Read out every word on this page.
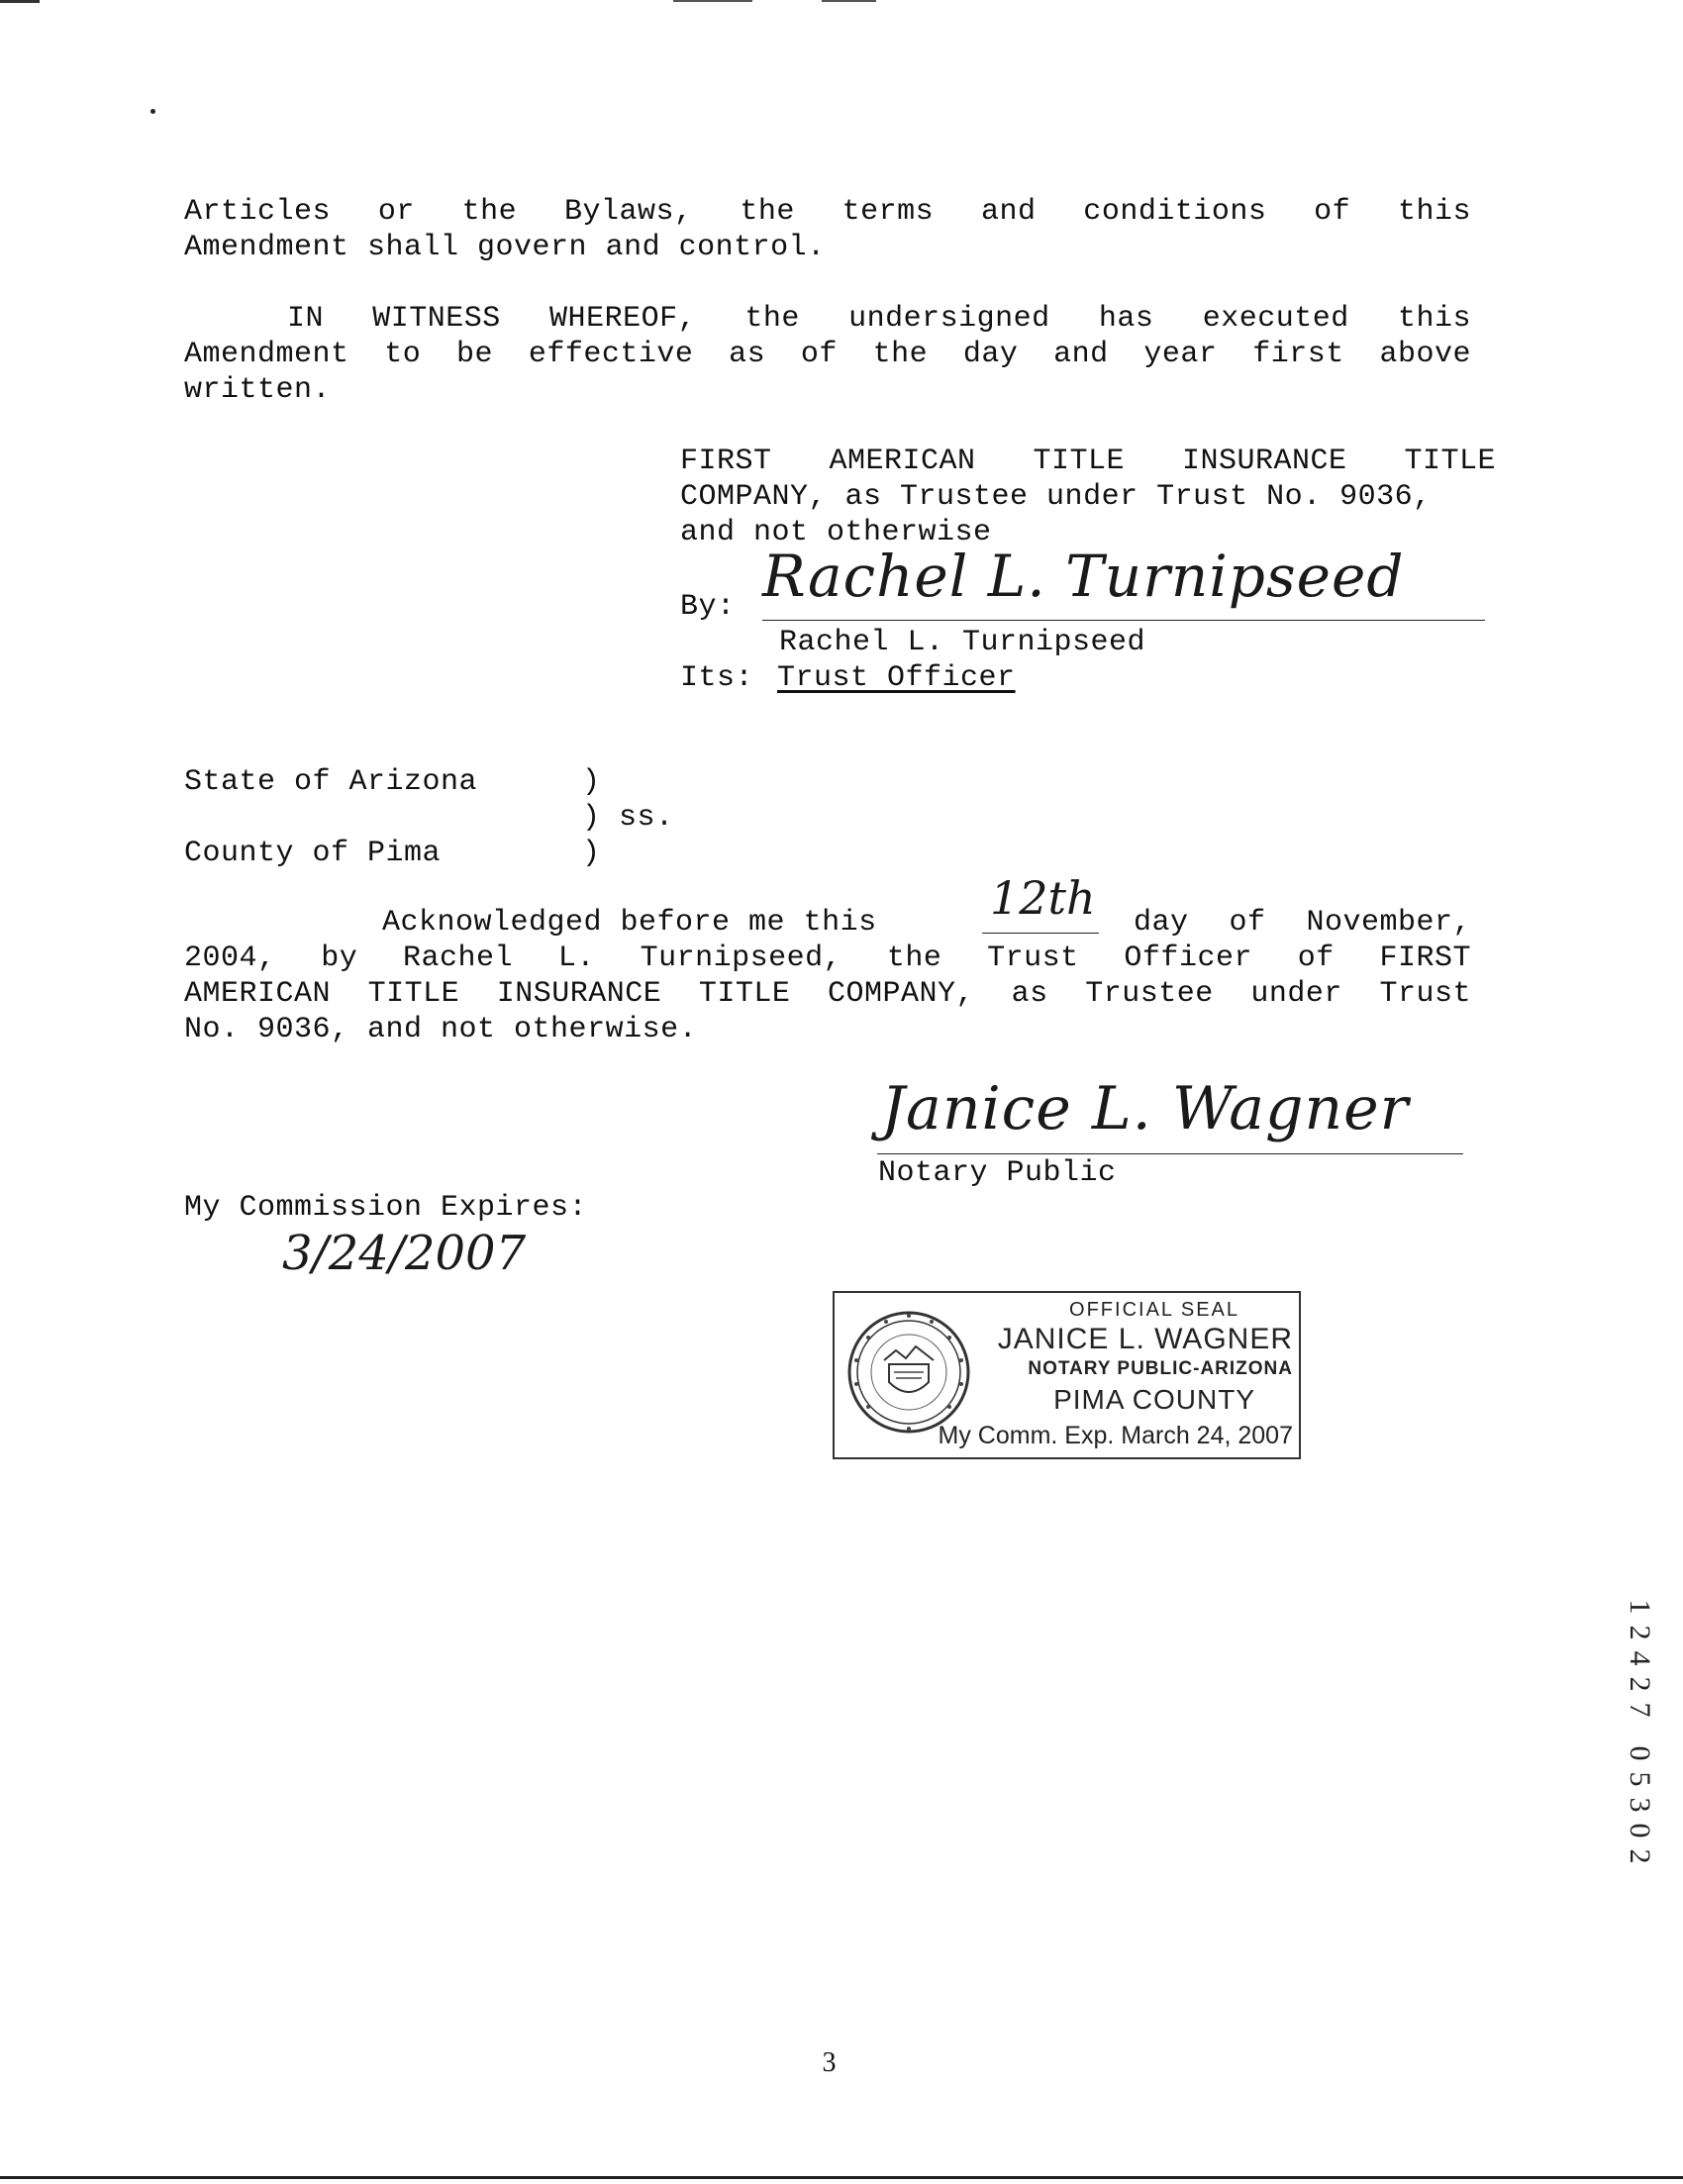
Articles or the Bylaws, the terms and conditions of this
Amendment shall govern and control.
IN WITNESS WHEREOF, the undersigned has executed this
Amendment to be effective as of the day and year first above
written.
FIRST AMERICAN TITLE INSURANCE TITLE
COMPANY, as Trustee under Trust No. 9036,
and not otherwise
By: Rachel L. Turnipseed
Rachel L. Turnipseed
Its: Trust Officer
State of Arizona	)
) ss.
County of Pima	)
Acknowledged before me this 12th day of November,
2004, by Rachel L. Turnipseed, the Trust Officer of FIRST
AMERICAN TITLE INSURANCE TITLE COMPANY, as Trustee under Trust
No. 9036, and not otherwise.
Janice L. Wagner
Notary Public
My Commission Expires:
3/24/2007
OFFICIAL SEAL
JANICE L. WAGNER
NOTARY PUBLIC-ARIZONA
PIMA COUNTY
My Comm. Exp. March 24, 2007
1
2
4
2
7
0
5
3
0
2
3
